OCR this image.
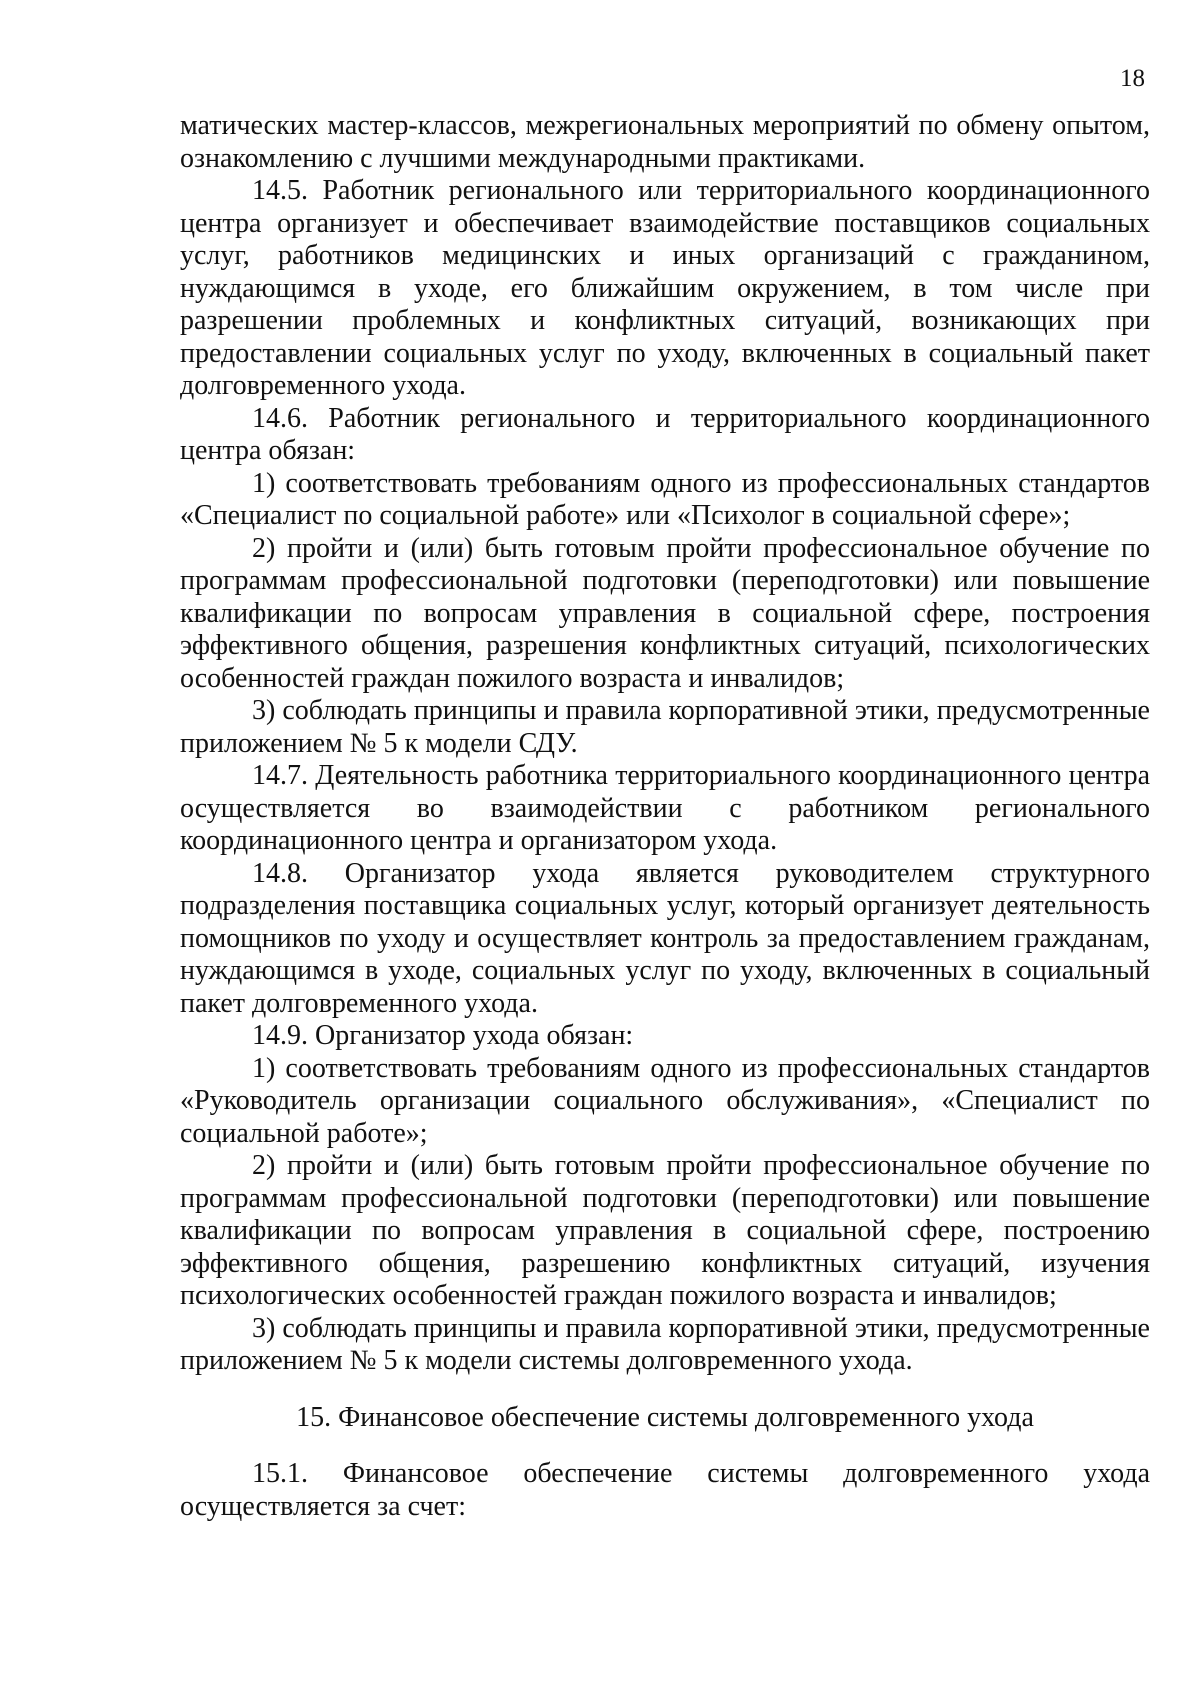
18

матических мастер-классов, межрегиональных мероприятий по обмену опытом, ознакомлению с лучшими международными практиками.

14.5. Работник регионального или территориального координационного центра организует и обеспечивает взаимодействие поставщиков социальных услуг, работников медицинских и иных организаций с гражданином, нуждающимся в уходе, его ближайшим окружением, в том числе при разрешении проблемных и конфликтных ситуаций, возникающих при предоставлении социальных услуг по уходу, включенных в социальный пакет долговременного ухода.

14.6. Работник регионального и территориального координационного центра обязан:

1) соответствовать требованиям одного из профессиональных стандартов «Специалист по социальной работе» или «Психолог в социальной сфере»;

2) пройти и (или) быть готовым пройти профессиональное обучение по программам профессиональной подготовки (переподготовки) или повышение квалификации по вопросам управления в социальной сфере, построения эффективного общения, разрешения конфликтных ситуаций, психологических особенностей граждан пожилого возраста и инвалидов;

3) соблюдать принципы и правила корпоративной этики, предусмотренные приложением № 5 к модели СДУ.

14.7. Деятельность работника территориального координационного центра осуществляется во взаимодействии с работником регионального координационного центра и организатором ухода.

14.8. Организатор ухода является руководителем структурного подразделения поставщика социальных услуг, который организует деятельность помощников по уходу и осуществляет контроль за предоставлением гражданам, нуждающимся в уходе, социальных услуг по уходу, включенных в социальный пакет долговременного ухода.

14.9. Организатор ухода обязан:

1) соответствовать требованиям одного из профессиональных стандартов «Руководитель организации социального обслуживания», «Специалист по социальной работе»;

2) пройти и (или) быть готовым пройти профессиональное обучение по программам профессиональной подготовки (переподготовки) или повышение квалификации по вопросам управления в социальной сфере, построению эффективного общения, разрешению конфликтных ситуаций, изучения психологических особенностей граждан пожилого возраста и инвалидов;

3) соблюдать принципы и правила корпоративной этики, предусмотренные приложением № 5 к модели системы долговременного ухода.

15. Финансовое обеспечение системы долговременного ухода

15.1. Финансовое обеспечение системы долговременного ухода осуществляется за счет:
